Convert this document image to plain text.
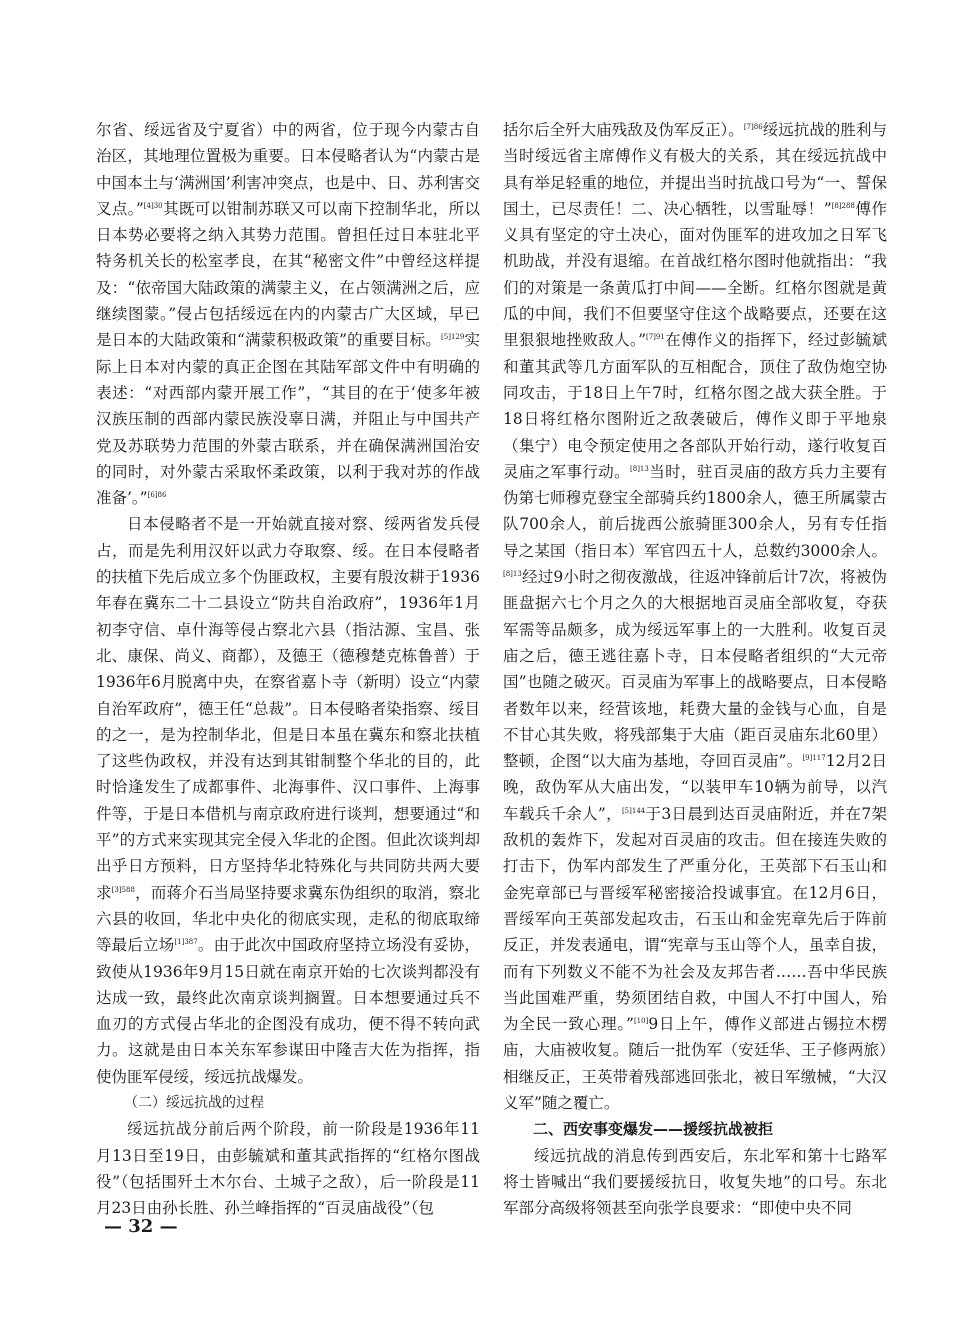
尔省、绥远省及宁夏省）中的两省，位于现今内蒙古自治区，其地理位置极为重要。日本侵略者认为“内蒙古是中国本土与‘满洲国’利害冲突点，也是中、日、苏利害交叉点。”$^{[4]30}$其既可以钳制苏联又可以南下控制华北，所以日本势必要将之纳入其势力范围。曾担任过日本驻北平特务机关长的松室孝良，在其“秘密文件”中曾经这样提及：“依帝国大陆政策的满蒙主义，在占领满洲之后，应继续图蒙。”侵占包括绥远在内的内蒙古广大区域，早已是日本的大陆政策和“满蒙积极政策”的重要目标。$^{[5]129}$实际上日本对内蒙的真正企图在其陆军部文件中有明确的表述：“对西部内蒙开展工作”，“其目的在于‘使多年被汉族压制的西部内蒙民族没辜日满，并阻止与中国共产党及苏联势力范围的外蒙古联系，并在确保满洲国治安的同时，对外蒙古采取怀柔政策，以利于我对苏的作战准备’。”$^{[6]86}$

日本侵略者不是一开始就直接对察、绥两省发兵侵占，而是先利用汉奸以武力夺取察、绥。在日本侵略者的扶植下先后成立多个伪匪政权，主要有殷汝耕于1936年春在冀东二十二县设立“防共自治政府”，1936年1月初李守信、卓什海等侵占察北六县（指沽源、宝昌、张北、康保、尚义、商都），及德王（德穆楚克栋鲁普）于1936年6月脱离中央，在察省嘉卜寺（新明）设立“内蒙自治军政府”，德王任“总裁”。日本侵略者染指察、绥目的之一，是为控制华北，但是日本虽在冀东和察北扶植了这些伪政权，并没有达到其钳制整个华北的目的，此时恰逢发生了成都事件、北海事件、汉口事件、上海事件等，于是日本借机与南京政府进行谈判，想要通过“和平”的方式来实现其完全侵入华北的企图。但此次谈判却出乎日方预料，日方坚持华北特殊化与共同防共两大要求$^{[3]588}$，而蒋介石当局坚持要求冀东伪组织的取消，察北六县的收回，华北中央化的彻底实现，走私的彻底取缔等最后立场$^{[1]387}$。由于此次中国政府坚持立场没有妥协，致使从1936年9月15日就在南京开始的七次谈判都没有达成一致，最终此次南京谈判搁置。日本想要通过兵不血刃的方式侵占华北的企图没有成功，便不得不转向武力。这就是由日本关东军参谋田中隆吉大佐为指挥，指使伪匪军侵绥，绥远抗战爆发。

（二）绥远抗战的过程

绥远抗战分前后两个阶段，前一阶段是1936年11月13日至19日，由彭毓斌和董其武指挥的“红格尔图战役”（包括围歼土木尔台、土城子之敌），后一阶段是11月23日由孙长胜、孙兰峰指挥的“百灵庙战役”（包

括尔后全歼大庙残敌及伪军反正）。$^{[7]86}$绥远抗战的胜利与当时绥远省主席傅作义有极大的关系，其在绥远抗战中具有举足轻重的地位，并提出当时抗战口号为“一、誓保国土，已尽责任！二、决心牺牲，以雪耻辱！”$^{[8]288}$傅作义具有坚定的守土决心，面对伪匪军的进攻加之日军飞机助战，并没有退缩。在首战红格尔图时他就指出：“我们的对策是一条黄瓜打中间——全断。红格尔图就是黄瓜的中间，我们不但要坚守住这个战略要点，还要在这里狠狠地挫败敌人。”$^{[7]91}$在傅作义的指挥下，经过彭毓斌和董其武等几方面军队的互相配合，顶住了敌伪炮空协同攻击，于18日上午7时，红格尔图之战大获全胜。于18日将红格尔图附近之敌袭破后，傅作义即于平地泉（集宁）电令预定使用之各部队开始行动，遂行收复百灵庙之军事行动。$^{[8]13}$当时，驻百灵庙的敌方兵力主要有伪第七师穆克登宝全部骑兵约1800余人，德王所属蒙古队700余人，前后拢西公旅骑匪300余人，另有专任指导之某国（指日本）军官四五十人，总数约3000余人。$^{[8]13}$经过9小时之彻夜激战，往返冲锋前后计7次，将被伪匪盘据六七个月之久的大根据地百灵庙全部收复，夺获军需等品颇多，成为绥远军事上的一大胜利。收复百灵庙之后，德王逃往嘉卜寺，日本侵略者组织的“大元帝国”也随之破灭。百灵庙为军事上的战略要点，日本侵略者数年以来，经营该地，耗费大量的金钱与心血，自是不甘心其失败，将残部集于大庙（距百灵庙东北60里）整顿，企图“以大庙为基地，夺回百灵庙”。$^{[9]117}$12月2日晚，敌伪军从大庙出发，“以装甲车10辆为前导，以汽车载兵千余人”，$^{[5]144}$于3日晨到达百灵庙附近，并在7架敌机的轰炸下，发起对百灵庙的攻击。但在接连失败的打击下，伪军内部发生了严重分化，王英部下石玉山和金宪章部已与晋绥军秘密接洽投诚事宜。在12月6日，晋绥军向王英部发起攻击，石玉山和金宪章先后于阵前反正，并发表通电，谓“宪章与玉山等个人，虽幸自拔，而有下列数义不能不为社会及友邦告者……吾中华民族当此国难严重，势须团结自救，中国人不打中国人，殆为全民一致心理。”[10]9日上午，傅作义部进占锡拉木楞庙，大庙被收复。随后一批伪军（安廷华、王子修两旅）相继反正，王英带着残部逃回张北，被日军缴械，“大汉义军”随之覆亡。

二、西安事变爆发——援绥抗战被拒

绥远抗战的消息传到西安后，东北军和第十七路军将士皆喊出“我们要援绥抗日，收复失地”的口号。东北军部分高级将领甚至向张学良要求：“即使中央不同

— 32 —
